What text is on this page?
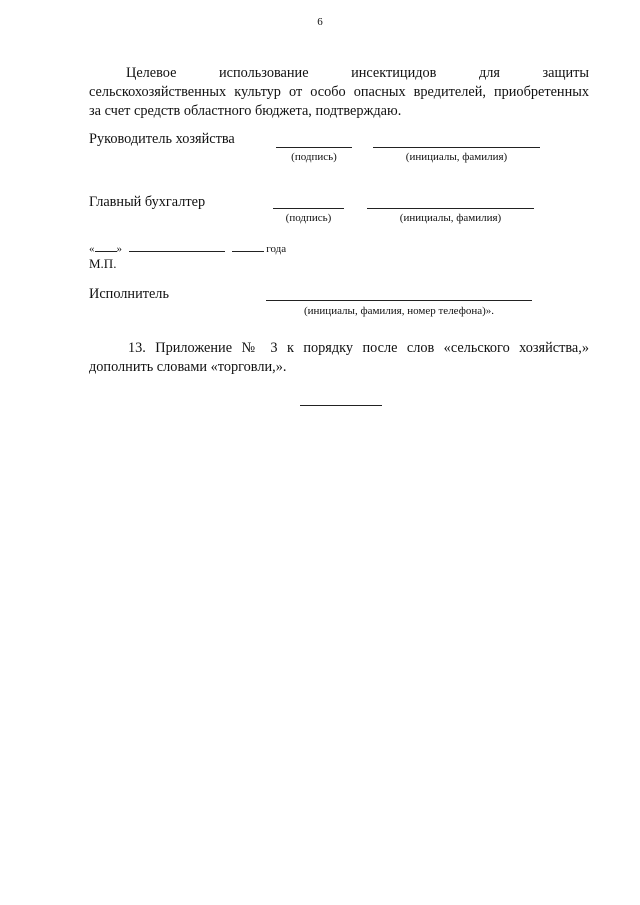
6
Целевое использование инсектицидов для защиты
сельскохозяйственных культур от особо опасных вредителей, приобретенных
за счет средств областного бюджета, подтверждаю.
Руководитель хозяйства
(подпись)	(инициалы, фамилия)
Главный бухгалтер
(подпись)	(инициалы, фамилия)
« »	года
М.П.
Исполнитель
(инициалы, фамилия, номер телефона)».
13. Приложение № 3 к порядку после слов «сельского хозяйства,»
дополнить словами «торговли,».
